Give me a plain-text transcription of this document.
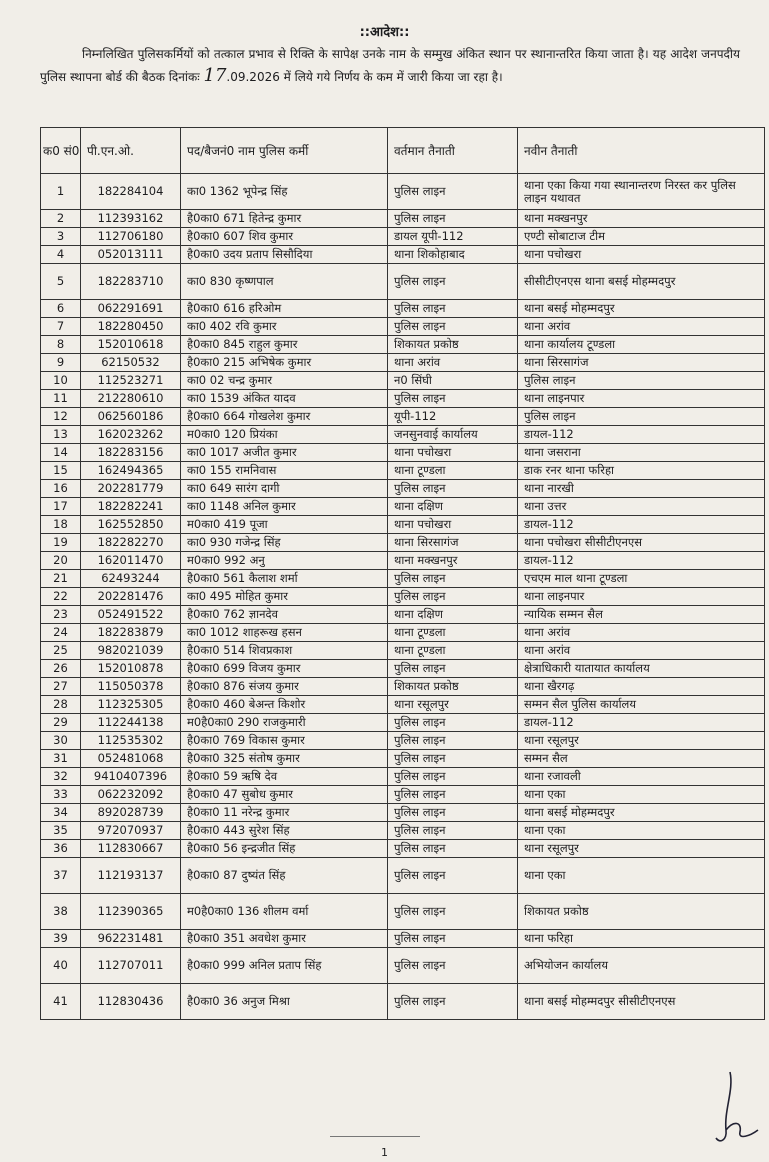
::आदेश::
निम्नलिखित पुलिसकर्मियों को तत्काल प्रभाव से रिक्ति के सापेक्ष उनके नाम के सम्मुख अंकित स्थान पर स्थानान्तरित किया जाता है। यह आदेश जनपदीय पुलिस स्थापना बोर्ड की बैठक दिनांकः 17.09.2026 में लिये गये निर्णय के कम में जारी किया जा रहा है।
क0 सं0	पी.एन.ओ.	पद/बैजनं0 नाम पुलिस कर्मी	वर्तमान तैनाती	नवीन तैनाती
1	182284104	का0 1362 भूपेन्द्र सिंह	पुलिस लाइन	थाना एका किया गया स्थानान्तरण निरस्त कर पुलिस लाइन यथावत
2	112393162	है0का0 671 हितेन्द्र कुमार	पुलिस लाइन	थाना मक्खनपुर
3	112706180	है0का0 607 शिव कुमार	डायल यूपी-112	एण्टी सोबाटाज टीम
4	052013111	है0का0 उदय प्रताप सिसौदिया	थाना शिकोहाबाद	थाना पचोखरा
5	182283710	का0 830 कृष्णपाल	पुलिस लाइन	सीसीटीएनएस थाना बसई मोहम्मदपुर
6	062291691	है0का0 616 हरिओम	पुलिस लाइन	थाना बसई मोहम्मदपुर
7	182280450	का0 402 रवि कुमार	पुलिस लाइन	थाना अरांव
8	152010618	है0का0 845 राहुल कुमार	शिकायत प्रकोष्ठ	थाना कार्यालय टूण्डला
9	62150532	है0का0 215 अभिषेक कुमार	थाना अरांव	थाना सिरसागंज
10	112523271	का0 02 चन्द्र कुमार	न0 सिंघी	पुलिस लाइन
11	212280610	का0 1539 अंकित यादव	पुलिस लाइन	थाना लाइनपार
12	062560186	है0का0 664 गोखलेश कुमार	यूपी-112	पुलिस लाइन
13	162023262	म0का0 120 प्रियंका	जनसुनवाई कार्यालय	डायल-112
14	182283156	का0 1017 अजीत कुमार	थाना पचोखरा	थाना जसराना
15	162494365	का0 155 रामनिवास	थाना टूण्डला	डाक रनर थाना फरिहा
16	202281779	का0 649 सारंग दागी	पुलिस लाइन	थाना नारखी
17	182282241	का0 1148 अनिल कुमार	थाना दक्षिण	थाना उत्तर
18	162552850	म0का0 419 पूजा	थाना पचोखरा	डायल-112
19	182282270	का0 930 गजेन्द्र सिंह	थाना सिरसागंज	थाना पचोखरा सीसीटीएनएस
20	162011470	म0का0 992 अनु	थाना मक्खनपुर	डायल-112
21	62493244	है0का0 561 कैलाश शर्मा	पुलिस लाइन	एचएम माल थाना टूण्डला
22	202281476	का0 495 मोहित कुमार	पुलिस लाइन	थाना लाइनपार
23	052491522	है0का0 762 ज्ञानदेव	थाना दक्षिण	न्यायिक सम्मन सैल
24	182283879	का0 1012 शाहरूख हसन	थाना टूण्डला	थाना अरांव
25	982021039	है0का0 514 शिवप्रकाश	थाना टूण्डला	थाना अरांव
26	152010878	है0का0 699 विजय कुमार	पुलिस लाइन	क्षेत्राधिकारी यातायात कार्यालय
27	115050378	है0का0 876 संजय कुमार	शिकायत प्रकोष्ठ	थाना खैरगढ़
28	112325305	है0का0 460 बेअन्त किशोर	थाना रसूलपुर	सम्मन सैल पुलिस कार्यालय
29	112244138	म0है0का0 290 राजकुमारी	पुलिस लाइन	डायल-112
30	112535302	है0का0 769 विकास कुमार	पुलिस लाइन	थाना रसूलपुर
31	052481068	है0का0 325 संतोष कुमार	पुलिस लाइन	सम्मन सैल
32	9410407396	है0का0 59 ऋषि देव	पुलिस लाइन	थाना रजावली
33	062232092	है0का0 47 सुबोध कुमार	पुलिस लाइन	थाना एका
34	892028739	है0का0 11 नरेन्द्र कुमार	पुलिस लाइन	थाना बसई मोहम्मदपुर
35	972070937	है0का0 443 सुरेश सिंह	पुलिस लाइन	थाना एका
36	112830667	है0का0 56 इन्द्रजीत सिंह	पुलिस लाइन	थाना रसूलपुर
37	112193137	है0का0 87 दुष्यंत सिंह	पुलिस लाइन	थाना एका
38	112390365	म0है0का0 136 शीलम वर्मा	पुलिस लाइन	शिकायत प्रकोष्ठ
39	962231481	है0का0 351 अवधेश कुमार	पुलिस लाइन	थाना फरिहा
40	112707011	है0का0 999 अनिल प्रताप सिंह	पुलिस लाइन	अभियोजन कार्यालय
41	112830436	है0का0 36 अनुज मिश्रा	पुलिस लाइन	थाना बसई मोहम्मदपुर सीसीटीएनएस
1
